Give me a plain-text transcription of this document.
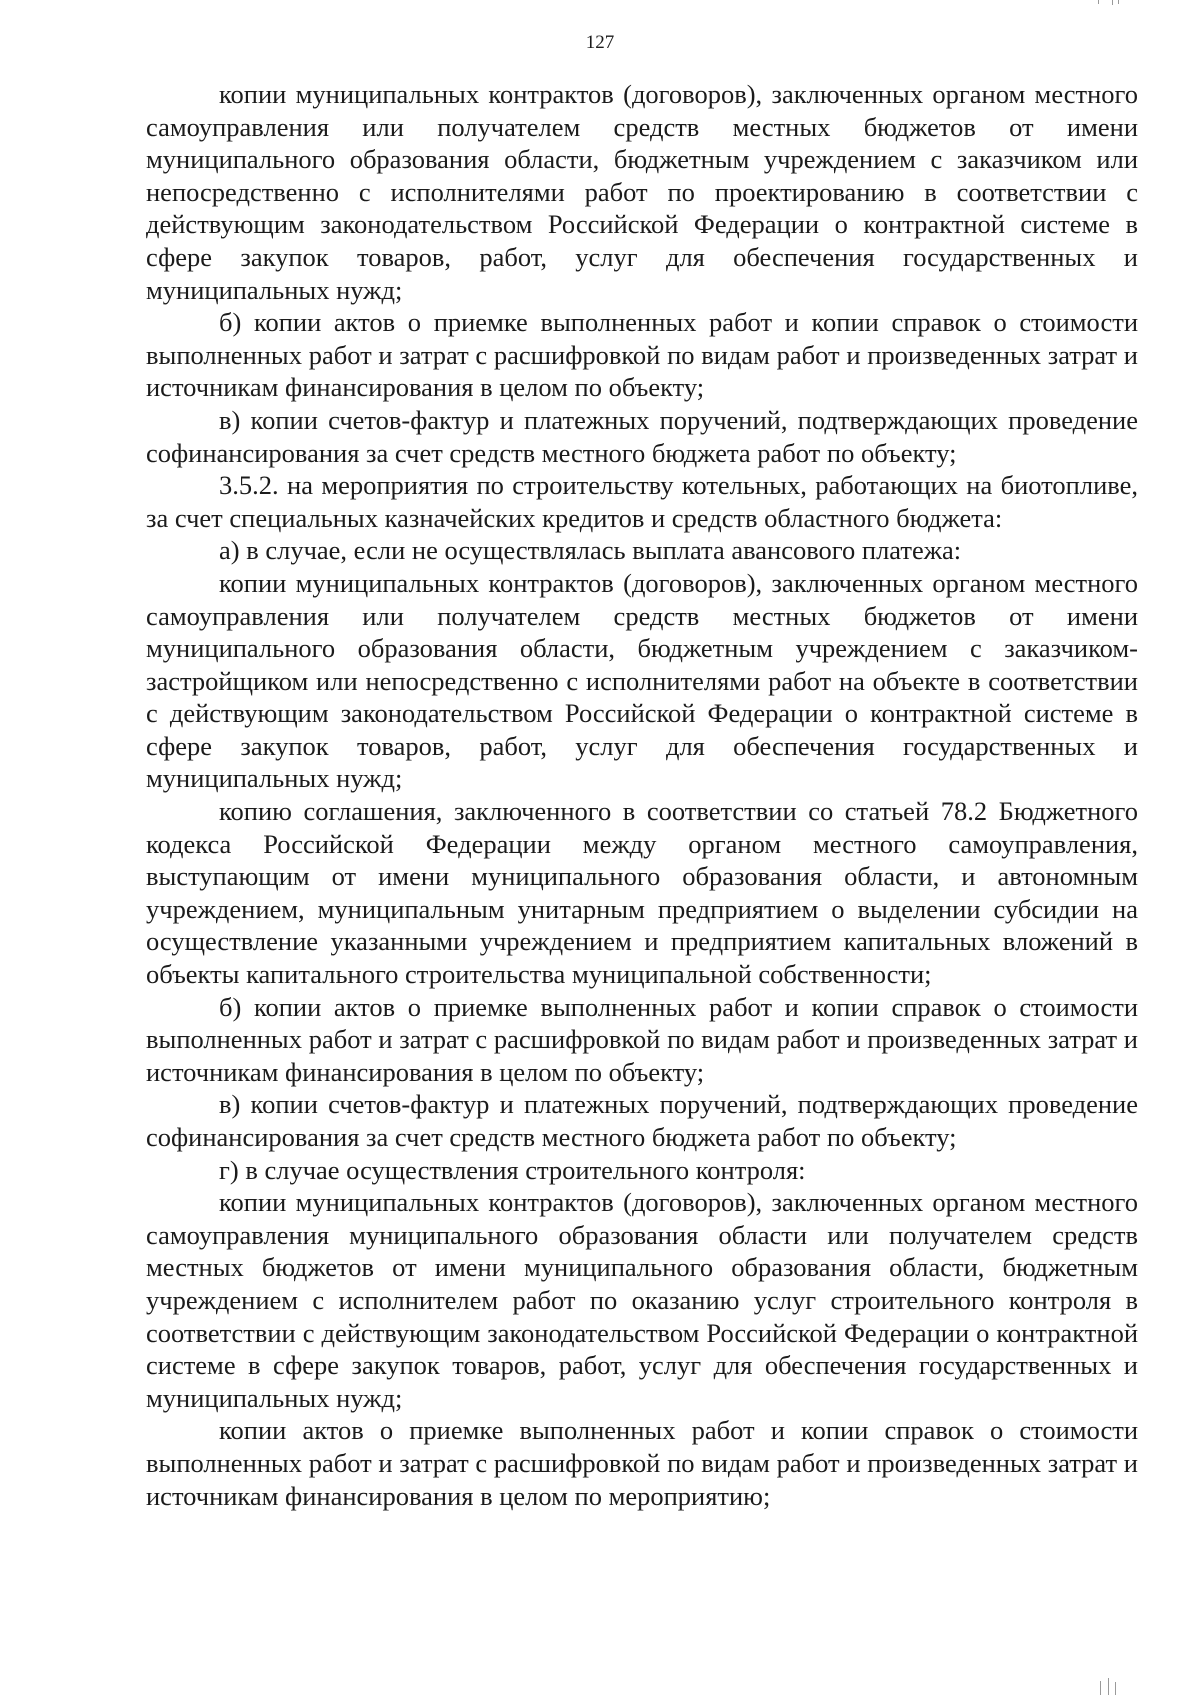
127

копии муниципальных контрактов (договоров), заключенных органом местного самоуправления или получателем средств местных бюджетов от имени муниципального образования области, бюджетным учреждением с заказчиком или непосредственно с исполнителями работ по проектированию в соответствии с действующим законодательством Российской Федерации о контрактной системе в сфере закупок товаров, работ, услуг для обеспечения государственных и муниципальных нужд;

б) копии актов о приемке выполненных работ и копии справок о стоимости выполненных работ и затрат с расшифровкой по видам работ и произведенных затрат и источникам финансирования в целом по объекту;

в) копии счетов-фактур и платежных поручений, подтверждающих проведение софинансирования за счет средств местного бюджета работ по объекту;

3.5.2. на мероприятия по строительству котельных, работающих на биотопливе, за счет специальных казначейских кредитов и средств областного бюджета:

а) в случае, если не осуществлялась выплата авансового платежа:

копии муниципальных контрактов (договоров), заключенных органом местного самоуправления или получателем средств местных бюджетов от имени муниципального образования области, бюджетным учреждением с заказчиком-застройщиком или непосредственно с исполнителями работ на объекте в соответствии с действующим законодательством Российской Федерации о контрактной системе в сфере закупок товаров, работ, услуг для обеспечения государственных и муниципальных нужд;

копию соглашения, заключенного в соответствии со статьей 78.2 Бюджетного кодекса Российской Федерации между органом местного самоуправления, выступающим от имени муниципального образования области, и автономным учреждением, муниципальным унитарным предприятием о выделении субсидии на осуществление указанными учреждением и предприятием капитальных вложений в объекты капитального строительства муниципальной собственности;

б) копии актов о приемке выполненных работ и копии справок о стоимости выполненных работ и затрат с расшифровкой по видам работ и произведенных затрат и источникам финансирования в целом по объекту;

в) копии счетов-фактур и платежных поручений, подтверждающих проведение софинансирования за счет средств местного бюджета работ по объекту;

г) в случае осуществления строительного контроля:

копии муниципальных контрактов (договоров), заключенных органом местного самоуправления муниципального образования области или получателем средств местных бюджетов от имени муниципального образования области, бюджетным учреждением с исполнителем работ по оказанию услуг строительного контроля в соответствии с действующим законодательством Российской Федерации о контрактной системе в сфере закупок товаров, работ, услуг для обеспечения государственных и муниципальных нужд;

копии актов о приемке выполненных работ и копии справок о стоимости выполненных работ и затрат с расшифровкой по видам работ и произведенных затрат и источникам финансирования в целом по мероприятию;
